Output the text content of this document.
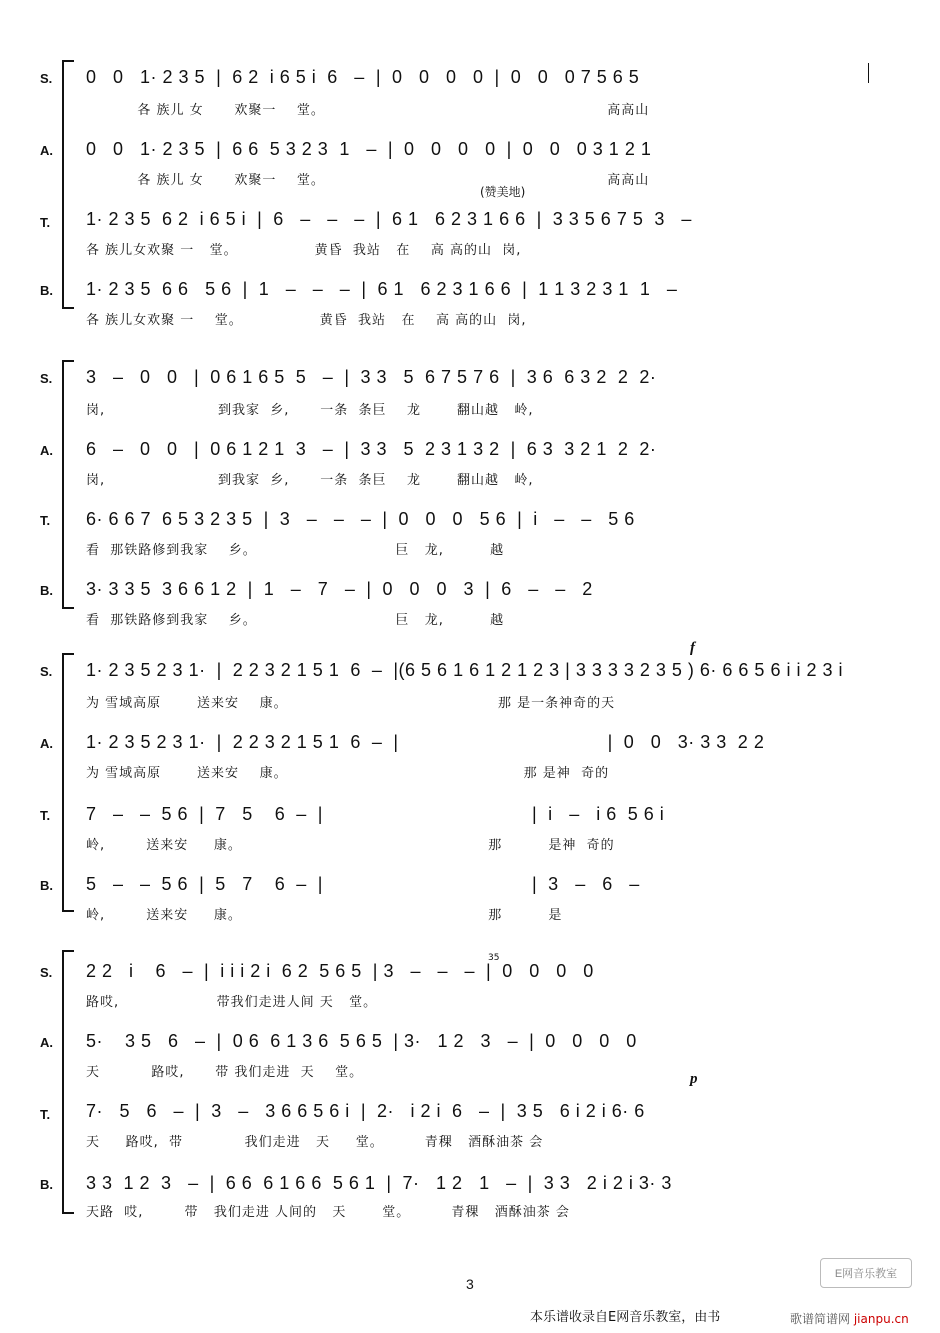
S. 0   0   1· 2 3 5  |  6 2  i 6 5 i  6   –  |  0   0   0   0  |  0   0   0 7 5 6 5
各 族儿 女      欢聚一    堂。                                                       高高山
A. 0   0   1· 2 3 5  |  6 6  5 3 2 3  1   –  |  0   0   0   0  |  0   0   0 3 1 2 1
各 族儿 女      欢聚一    堂。                                                       高高山
(赞美地)
T. 1· 2 3 5  6 2  i 6 5 i  |  6   –   –   –  |  6 1   6 2 3 1 6 6  |  3 3 5 6 7 5  3   –
各 族儿女欢聚 一   堂。               黄昏  我站   在    高 高的山  岗,
B. 1· 2 3 5  6 6   5 6  |  1   –   –   –  |  6 1   6 2 3 1 6 6  |  1 1 3 2 3 1  1   –
各 族儿女欢聚 一    堂。               黄昏  我站   在    高 高的山  岗,
S. 3   –   0   0   |  0 6 1 6 5  5   –  |  3 3   5  6 7 5 7 6  |  3 6  6 3 2  2  2·
岗,                      到我家  乡,      一条  条巨    龙       翻山越   岭,
A. 6   –   0   0   |  0 6 1 2 1  3   –  |  3 3   5  2 3 1 3 2  |  6 3  3 2 1  2  2·
岗,                      到我家  乡,      一条  条巨    龙       翻山越   岭,
T. 6· 6 6 7  6 5 3 2 3 5  |  3   –   –   –  |  0   0   0   5 6  |  i   –   –   5 6
看  那铁路修到我家    乡。                           巨   龙,         越
B. 3· 3 3 5  3 6 6 1 2  |  1   –   7   –  |  0   0   0   3  |  6   –   –   2
看  那铁路修到我家    乡。                           巨   龙,         越
f
S. 1· 2 3 5 2 3 1·  |  2 2 3 2 1 5 1  6  –  |(6 5 6 1 6 1 2 1 2 3 | 3 3 3 3 2 3 5 ) 6· 6 6 5 6 i i 2 3 i
为 雪域高原       送来安    康。                                         那 是一条神奇的天
A. 1· 2 3 5 2 3 1·  |  2 2 3 2 1 5 1  6  –  |                                      |  0   0   3· 3 3  2 2
为 雪域高原       送来安    康。                                              那 是神  奇的
T. 7   –   –  5 6  |  7   5    6  –  |                                      |  i   –   i 6  5 6 i
岭,        送来安     康。                                                那         是神  奇的
B. 5   –   –  5 6  |  5   7    6  –  |                                      |  3   –   6   –
岭,        送来安     康。                                                那         是
35
p
S. 2 2   i    6   –  |  i i i 2 i  6 2  5 6 5  | 3   –   –   –  |  0   0   0   0
路哎,                   带我们走进人间 天   堂。
A. 5·    3 5   6   –  |  0 6  6 1 3 6  5 6 5  | 3·   1 2   3   –  |  0   0   0   0
天          路哎,      带 我们走进  天    堂。
T. 7·   5   6   –  |  3   –   3 6 6 5 6 i  |  2·   i 2 i  6   –  |  3 5   6 i 2 i 6· 6
天     路哎,  带            我们走进   天     堂。        青稞   酒酥油茶 会
B. 3 3  1 2  3   –  |  6 6  6 1 6 6  5 6 1  |  7·   1 2   1   –  |  3 3   2 i 2 i 3· 3
天路  哎,        带   我们走进 人间的   天       堂。        青稞   酒酥油茶 会
E网音乐教室
3
本乐谱收录自E网音乐教室，由书	歌谱简谱网 jianpu.cn
